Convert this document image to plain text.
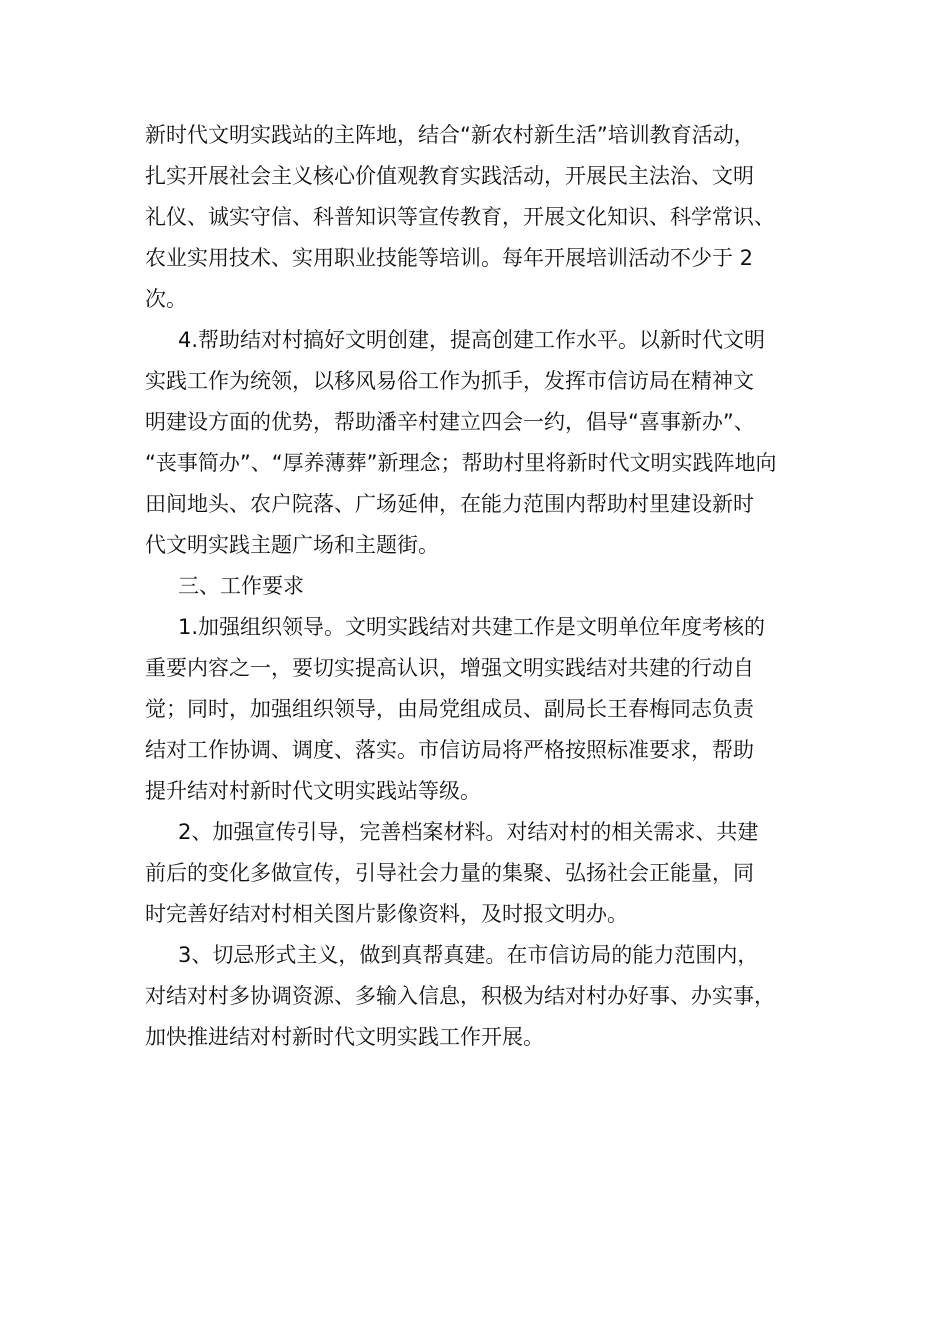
新时代文明实践站的主阵地，结合“新农村新生活”培训教育活动，
扎实开展社会主义核心价值观教育实践活动，开展民主法治、文明
礼仪、诚实守信、科普知识等宣传教育，开展文化知识、科学常识、
农业实用技术、实用职业技能等培训。每年开展培训活动不少于 2
次。
4.帮助结对村搞好文明创建，提高创建工作水平。以新时代文明
实践工作为统领，以移风易俗工作为抓手，发挥市信访局在精神文
明建设方面的优势，帮助潘辛村建立四会一约，倡导“喜事新办”、
“丧事简办”、“厚养薄葬”新理念；帮助村里将新时代文明实践阵地向
田间地头、农户院落、广场延伸，在能力范围内帮助村里建设新时
代文明实践主题广场和主题街。
三、工作要求
1.加强组织领导。文明实践结对共建工作是文明单位年度考核的
重要内容之一，要切实提高认识，增强文明实践结对共建的行动自
觉；同时，加强组织领导，由局党组成员、副局长王春梅同志负责
结对工作协调、调度、落实。市信访局将严格按照标准要求，帮助
提升结对村新时代文明实践站等级。
2、加强宣传引导，完善档案材料。对结对村的相关需求、共建
前后的变化多做宣传，引导社会力量的集聚、弘扬社会正能量，同
时完善好结对村相关图片影像资料，及时报文明办。
3、切忌形式主义，做到真帮真建。在市信访局的能力范围内，
对结对村多协调资源、多输入信息，积极为结对村办好事、办实事，
加快推进结对村新时代文明实践工作开展。
